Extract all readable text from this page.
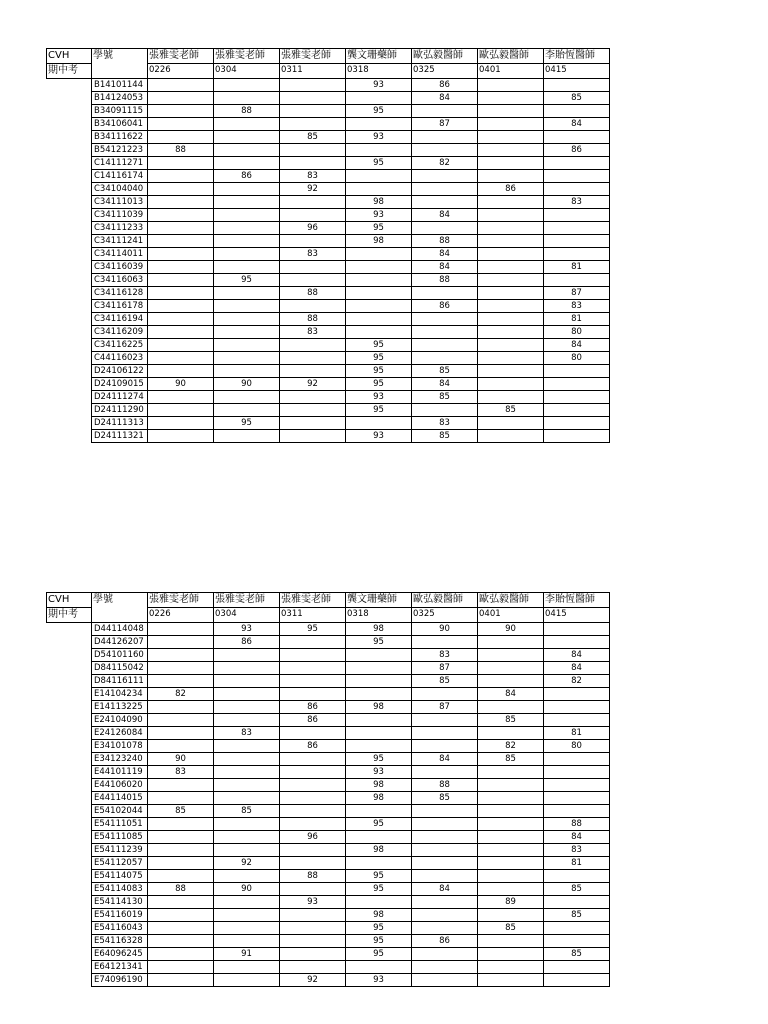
CVH	學號	張雅雯老師	張雅雯老師	張雅雯老師	龔文珊藥師	歐弘毅醫師	歐弘毅醫師	李貽恆醫師
期中考		0226	0304	0311	0318	0325	0401	0415
	B14101144				93	86		
	B14124053					84		85
	B34091115		88		95			
	B34106041					87		84
	B34111622			85	93			
	B54121223	88						86
	C14111271				95	82		
	C14116174		86	83				
	C34104040			92			86	
	C34111013				98			83
	C34111039				93	84		
	C34111233			96	95			
	C34111241				98	88		
	C34114011			83		84		
	C34116039					84		81
	C34116063		95			88		
	C34116128			88				87
	C34116178					86		83
	C34116194			88				81
	C34116209			83				80
	C34116225				95			84
	C44116023				95			80
	D24106122				95	85		
	D24109015	90	90	92	95	84		
	D24111274				93	85		
	D24111290				95		85	
	D24111313		95			83		
	D24111321				93	85		
CVH	學號	張雅雯老師	張雅雯老師	張雅雯老師	龔文珊藥師	歐弘毅醫師	歐弘毅醫師	李貽恆醫師
期中考		0226	0304	0311	0318	0325	0401	0415
	D44114048		93	95	98	90	90	
	D44126207		86		95			
	D54101160					83		84
	D84115042					87		84
	D84116111					85		82
	E14104234	82					84	
	E14113225			86	98	87		
	E24104090			86			85	
	E24126084		83					81
	E34101078			86			82	80
	E34123240	90			95	84	85	
	E44101119	83			93			
	E44106020				98	88		
	E44114015				98	85		
	E54102044	85	85					
	E54111051				95			88
	E54111085			96				84
	E54111239				98			83
	E54112057		92					81
	E54114075			88	95			
	E54114083	88	90		95	84		85
	E54114130			93			89	
	E54116019				98			85
	E54116043				95		85	
	E54116328				95	86		
	E64096245		91		95			85
	E64121341							
	E74096190			92	93			
